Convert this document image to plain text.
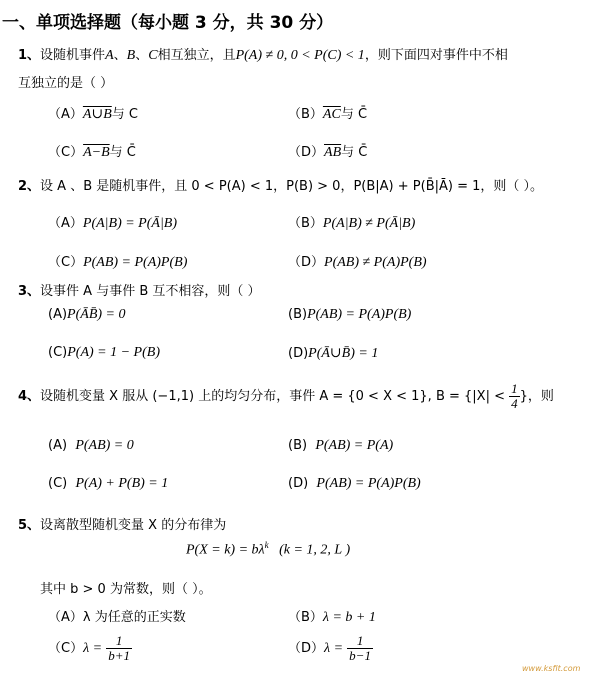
一、单项选择题（每小题 3 分，共 30 分）
1、设随机事件A、B、C相互独立，且P(A) ≠ 0, 0 < P(C) < 1，则下面四对事件中不相
互独立的是（ ）
（A）A∪B与 C	$(B)\overline{AC}$与 C̄
（C）A−B与 C̄	$(D)\overline{AB}$与 C̄
2、设 A 、B 是随机事件，且 0 < P(A) < 1，P(B) > 0，P(B|A) + P(B̄|Ā) = 1，则（ ）。
（A）P(A|B) = P(Ā|B)	（B）P(A|B) ≠ P(Ā|B)
（C）P(AB) = P(A)P(B)	（D）P(AB) ≠ P(A)P(B)
3、设事件 A 与事件 B 互不相容，则（ ）
(A)P(ĀB̄) = 0	(B)P(AB) = P(A)P(B)
(C)P(A) = 1 − P(B)	(D)P(Ā∪B̄) = 1
4、设随机变量 X 服从 (−1,1) 上的均匀分布，事件 A = {0 < X < 1}, $B = \{|X| < \frac{1}{4}$ }，则
(A) P(AB) = 0	(B) P(AB) = P(A)
(C) P(A) + P(B) = 1	(D) P(AB) = P(A)P(B)
5、设离散型随机变量 X 的分布律为
$P(X = k) = b\lambda^k$ (k = 1, 2, L )
其中 b > 0 为常数，则（ ）。
（A）λ 为任意的正实数	（B）λ = b + 1
$(C)\lambda = \frac{1}{b+1}$	$(D)\lambda = \frac{1}{b-1}$
www.ksfit.com
